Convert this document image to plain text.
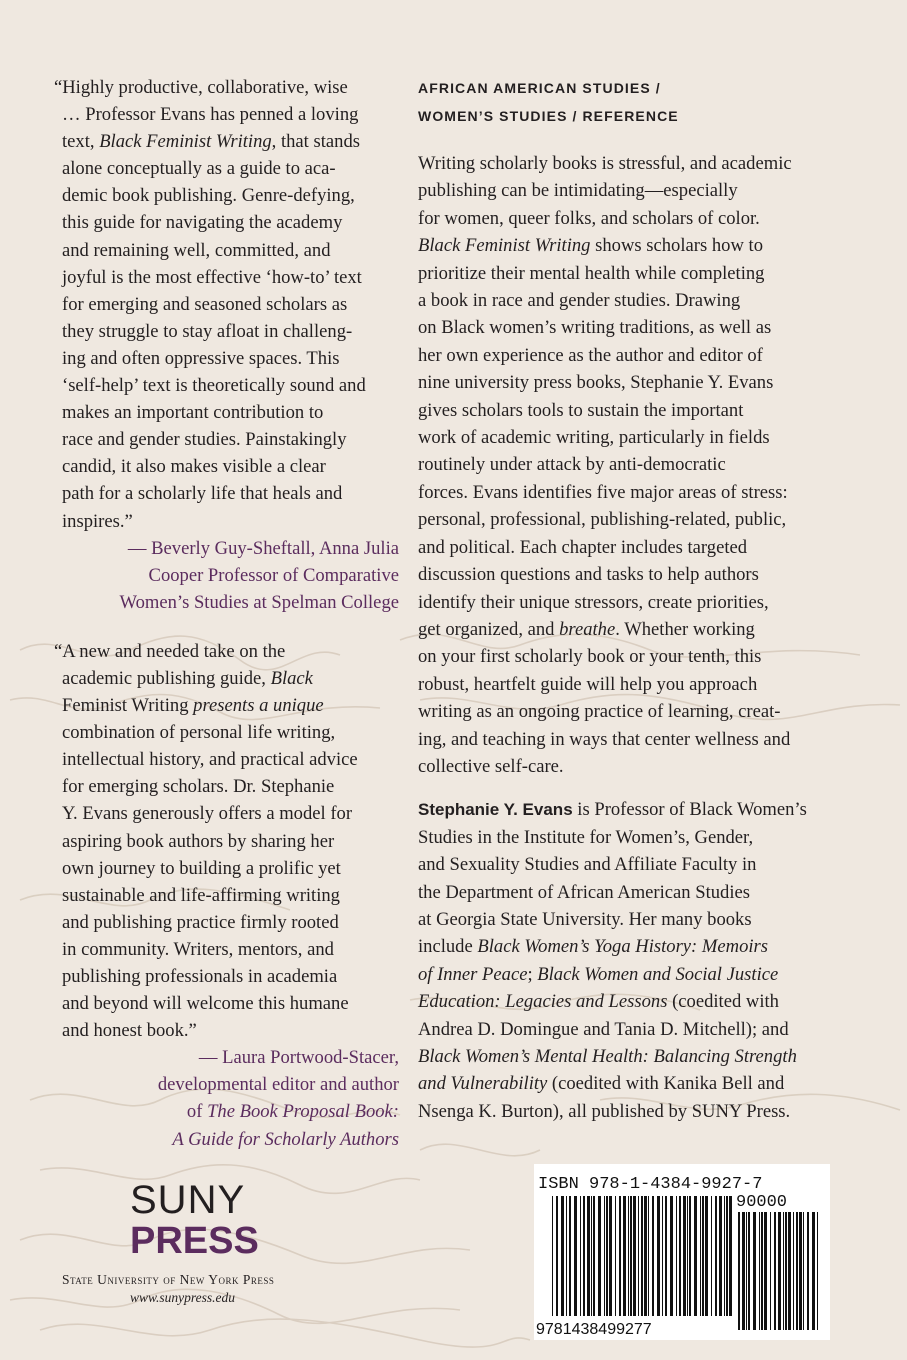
“Highly productive, collaborative, wise
… Professor Evans has penned a loving
text, Black Feminist Writing, that stands
alone conceptually as a guide to aca-
demic book publishing. Genre-defying,
this guide for navigating the academy
and remaining well, committed, and
joyful is the most effective ‘how-to’ text
for emerging and seasoned scholars as
they struggle to stay afloat in challeng-
ing and often oppressive spaces. This
‘self-help’ text is theoretically sound and
makes an important contribution to
race and gender studies. Painstakingly
candid, it also makes visible a clear
path for a scholarly life that heals and
inspires.”
— Beverly Guy-Sheftall, Anna Julia
Cooper Professor of Comparative
Women’s Studies at Spelman College
“A new and needed take on the
academic publishing guide, Black
Feminist Writing presents a unique
combination of personal life writing,
intellectual history, and practical advice
for emerging scholars. Dr. Stephanie
Y. Evans generously offers a model for
aspiring book authors by sharing her
own journey to building a prolific yet
sustainable and life-affirming writing
and publishing practice firmly rooted
in community. Writers, mentors, and
publishing professionals in academia
and beyond will welcome this humane
and honest book.”
— Laura Portwood-Stacer,
developmental editor and author
of The Book Proposal Book:
A Guide for Scholarly Authors
AFRICAN AMERICAN STUDIES /
WOMEN’S STUDIES / REFERENCE
Writing scholarly books is stressful, and academic
publishing can be intimidating—especially
for women, queer folks, and scholars of color.
Black Feminist Writing shows scholars how to
prioritize their mental health while completing
a book in race and gender studies. Drawing
on Black women’s writing traditions, as well as
her own experience as the author and editor of
nine university press books, Stephanie Y. Evans
gives scholars tools to sustain the important
work of academic writing, particularly in fields
routinely under attack by anti-democratic
forces. Evans identifies five major areas of stress:
personal, professional, publishing-related, public,
and political. Each chapter includes targeted
discussion questions and tasks to help authors
identify their unique stressors, create priorities,
get organized, and breathe. Whether working
on your first scholarly book or your tenth, this
robust, heartfelt guide will help you approach
writing as an ongoing practice of learning, creat-
ing, and teaching in ways that center wellness and
collective self-care.
Stephanie Y. Evans is Professor of Black Women’s
Studies in the Institute for Women’s, Gender,
and Sexuality Studies and Affiliate Faculty in
the Department of African American Studies
at Georgia State University. Her many books
include Black Women’s Yoga History: Memoirs
of Inner Peace; Black Women and Social Justice
Education: Legacies and Lessons (coedited with
Andrea D. Domingue and Tania D. Mitchell); and
Black Women’s Mental Health: Balancing Strength
and Vulnerability (coedited with Kanika Bell and
Nsenga K. Burton), all published by SUNY Press.
SUNY
PRESS
State University of New York Press
www.sunypress.edu
ISBN 978-1-4384-9927-7
90000
9781438499277
